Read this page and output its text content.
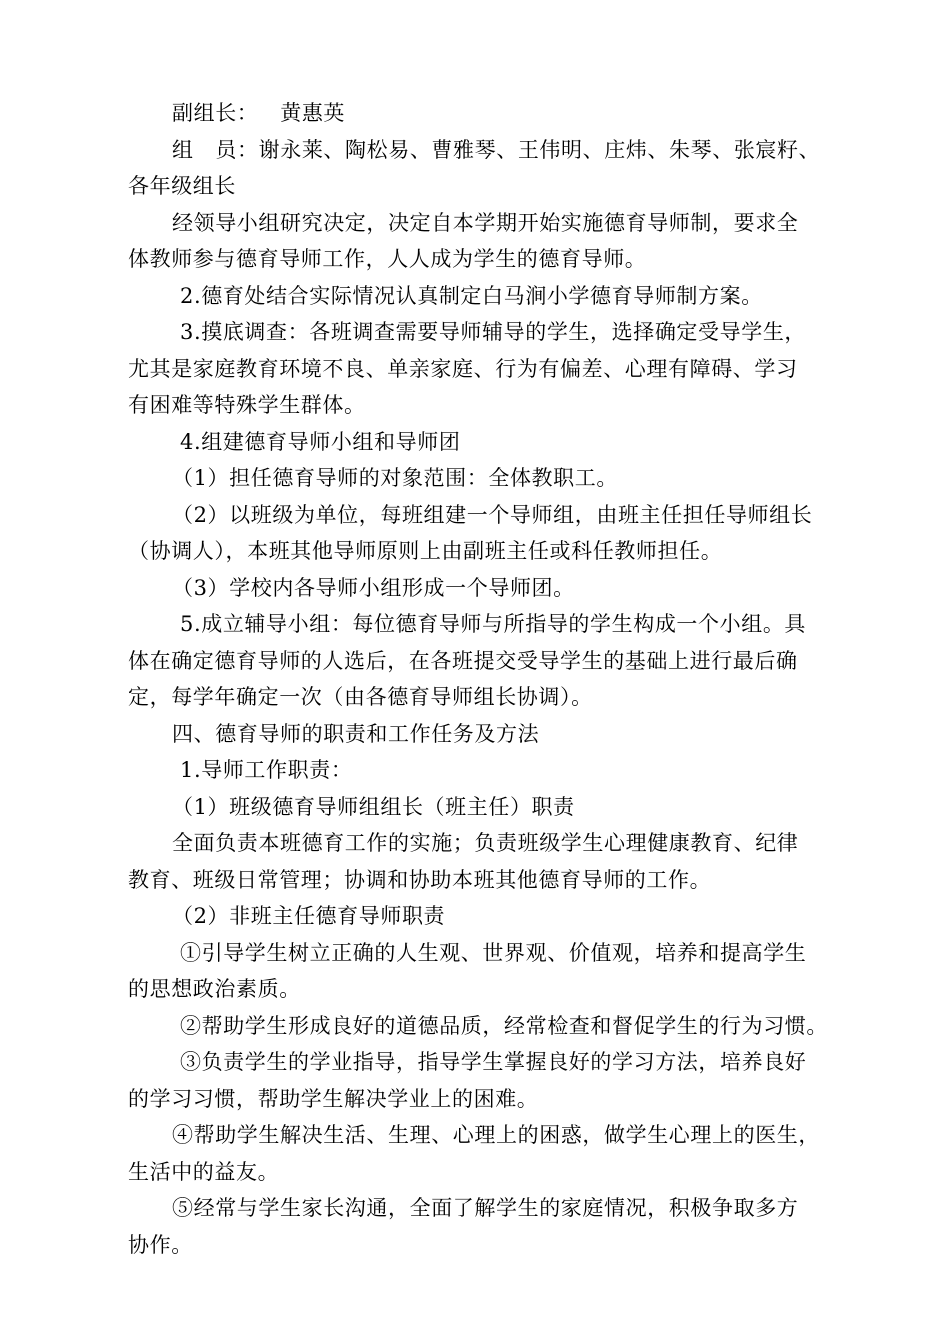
副组长：   黄惠英
组   员：谢永莱、陶松易、曹雅琴、王伟明、庄炜、朱琴、张宸籽、
各年级组长
经领导小组研究决定，决定自本学期开始实施德育导师制，要求全
体教师参与德育导师工作，人人成为学生的德育导师。
2.德育处结合实际情况认真制定白马涧小学德育导师制方案。
3.摸底调查：各班调查需要导师辅导的学生，选择确定受导学生，
尤其是家庭教育环境不良、单亲家庭、行为有偏差、心理有障碍、学习
有困难等特殊学生群体。
4.组建德育导师小组和导师团
（1）担任德育导师的对象范围：全体教职工。
（2）以班级为单位，每班组建一个导师组，由班主任担任导师组长
（协调人），本班其他导师原则上由副班主任或科任教师担任。
（3）学校内各导师小组形成一个导师团。
5.成立辅导小组：每位德育导师与所指导的学生构成一个小组。具
体在确定德育导师的人选后，在各班提交受导学生的基础上进行最后确
定，每学年确定一次（由各德育导师组长协调）。
四、德育导师的职责和工作任务及方法
1.导师工作职责：
（1）班级德育导师组组长（班主任）职责
全面负责本班德育工作的实施；负责班级学生心理健康教育、纪律
教育、班级日常管理；协调和协助本班其他德育导师的工作。
（2）非班主任德育导师职责
①引导学生树立正确的人生观、世界观、价值观，培养和提高学生
的思想政治素质。
②帮助学生形成良好的道德品质，经常检查和督促学生的行为习惯。
③负责学生的学业指导，指导学生掌握良好的学习方法，培养良好
的学习习惯，帮助学生解决学业上的困难。
④帮助学生解决生活、生理、心理上的困惑，做学生心理上的医生，
生活中的益友。
⑤经常与学生家长沟通，全面了解学生的家庭情况，积极争取多方
协作。
